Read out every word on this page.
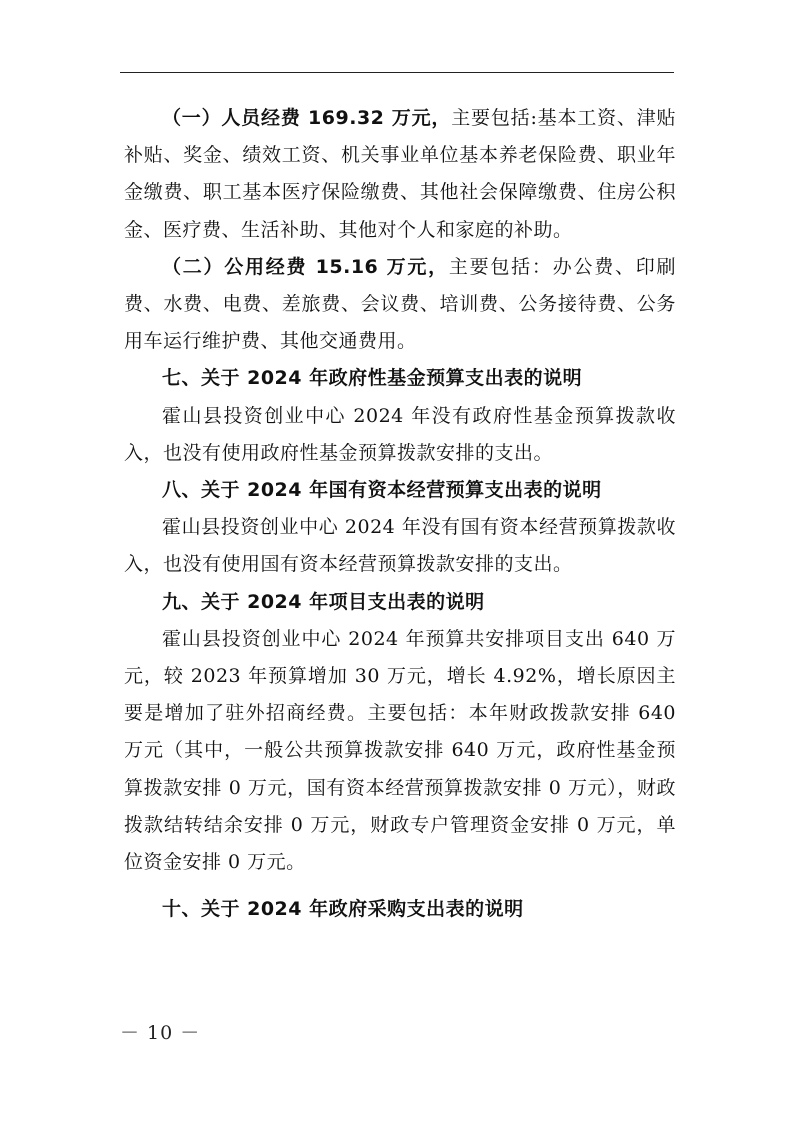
（一）人员经费 169.32 万元，主要包括:基本工资、津贴补贴、奖金、绩效工资、机关事业单位基本养老保险费、职业年金缴费、职工基本医疗保险缴费、其他社会保障缴费、住房公积金、医疗费、生活补助、其他对个人和家庭的补助。

（二）公用经费 15.16 万元，主要包括：办公费、印刷费、水费、电费、差旅费、会议费、培训费、公务接待费、公务用车运行维护费、其他交通费用。

七、关于 2024 年政府性基金预算支出表的说明

霍山县投资创业中心 2024 年没有政府性基金预算拨款收入，也没有使用政府性基金预算拨款安排的支出。

八、关于 2024 年国有资本经营预算支出表的说明

霍山县投资创业中心 2024 年没有国有资本经营预算拨款收入，也没有使用国有资本经营预算拨款安排的支出。

九、关于 2024 年项目支出表的说明

霍山县投资创业中心 2024 年预算共安排项目支出 640 万元，较 2023 年预算增加 30 万元，增长 4.92%，增长原因主要是增加了驻外招商经费。主要包括：本年财政拨款安排 640 万元（其中，一般公共预算拨款安排 640 万元，政府性基金预算拨款安排 0 万元，国有资本经营预算拨款安排 0 万元），财政拨款结转结余安排 0 万元，财政专户管理资金安排 0 万元，单位资金安排 0 万元。

十、关于 2024 年政府采购支出表的说明

－ 10 －
